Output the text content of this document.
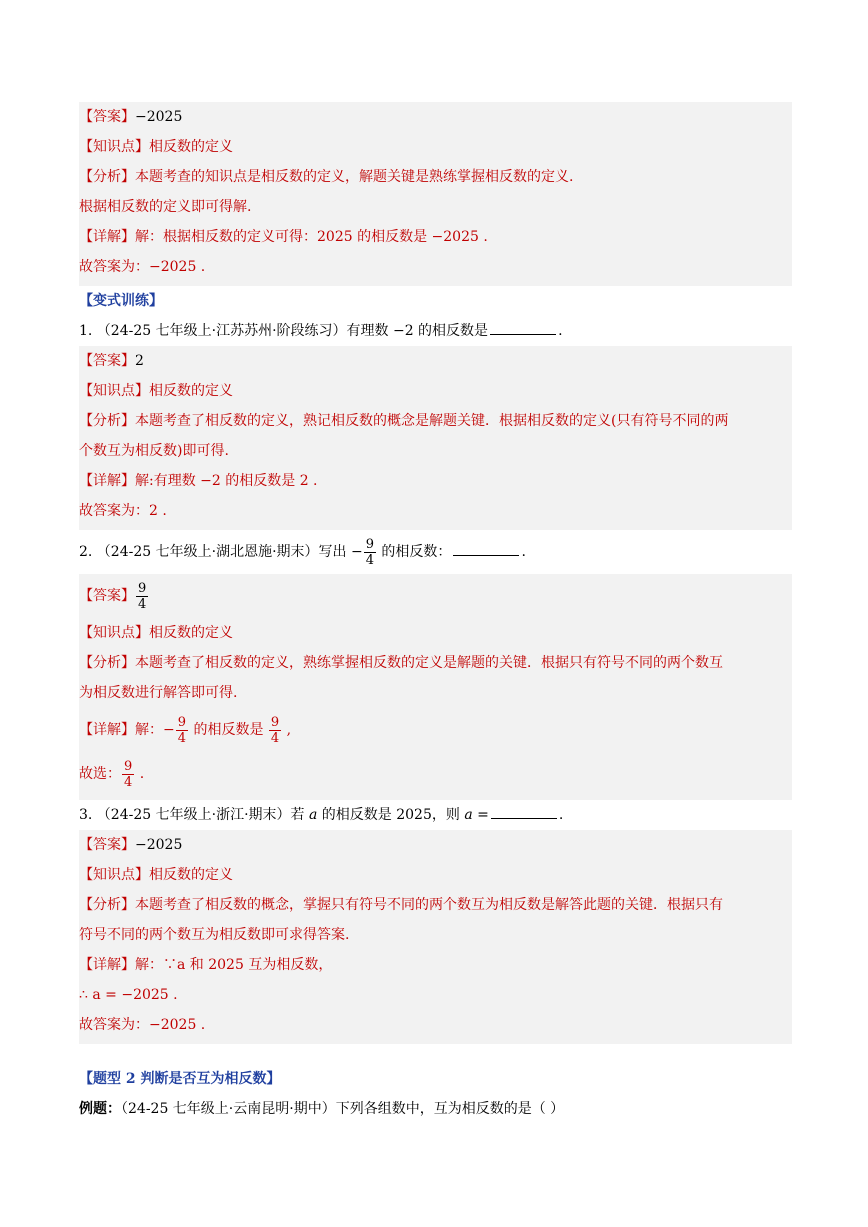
【答案】−2025
【知识点】相反数的定义
【分析】本题考查的知识点是相反数的定义，解题关键是熟练掌握相反数的定义.
根据相反数的定义即可得解.
【详解】解：根据相反数的定义可得：2025 的相反数是 −2025 .
故答案为：−2025 .
【变式训练】
1. （24-25 七年级上·江苏苏州·阶段练习）有理数 −2 的相反数是	.
【答案】2
【知识点】相反数的定义
【分析】本题考查了相反数的定义，熟记相反数的概念是解题关键．根据相反数的定义(只有符号不同的两
个数互为相反数)即可得.
【详解】解:有理数 −2 的相反数是 2 .
故答案为：2 .
2. （24-25 七年级上·湖北恩施·期末）写出 − $\frac{9}{4}$ 的相反数：	.
【答案】 $\frac{9}{4}$
【知识点】相反数的定义
【分析】本题考查了相反数的定义，熟练掌握相反数的定义是解题的关键．根据只有符号不同的两个数互
为相反数进行解答即可得.
【详解】解：− $\frac{9}{4}$ 的相反数是 $\frac{9}{4}$ ,
故选： $\frac{9}{4}$ .
3. （24-25 七年级上·浙江·期末）若 a 的相反数是 2025，则 a =	.
【答案】−2025
【知识点】相反数的定义
【分析】本题考查了相反数的概念，掌握只有符号不同的两个数互为相反数是解答此题的关键．根据只有
符号不同的两个数互为相反数即可求得答案.
【详解】解：∵a 和 2025 互为相反数，
∴ a = −2025 .
故答案为：−2025 .
【题型 2 判断是否互为相反数】
例题：（24-25 七年级上·云南昆明·期中）下列各组数中，互为相反数的是（ ）
